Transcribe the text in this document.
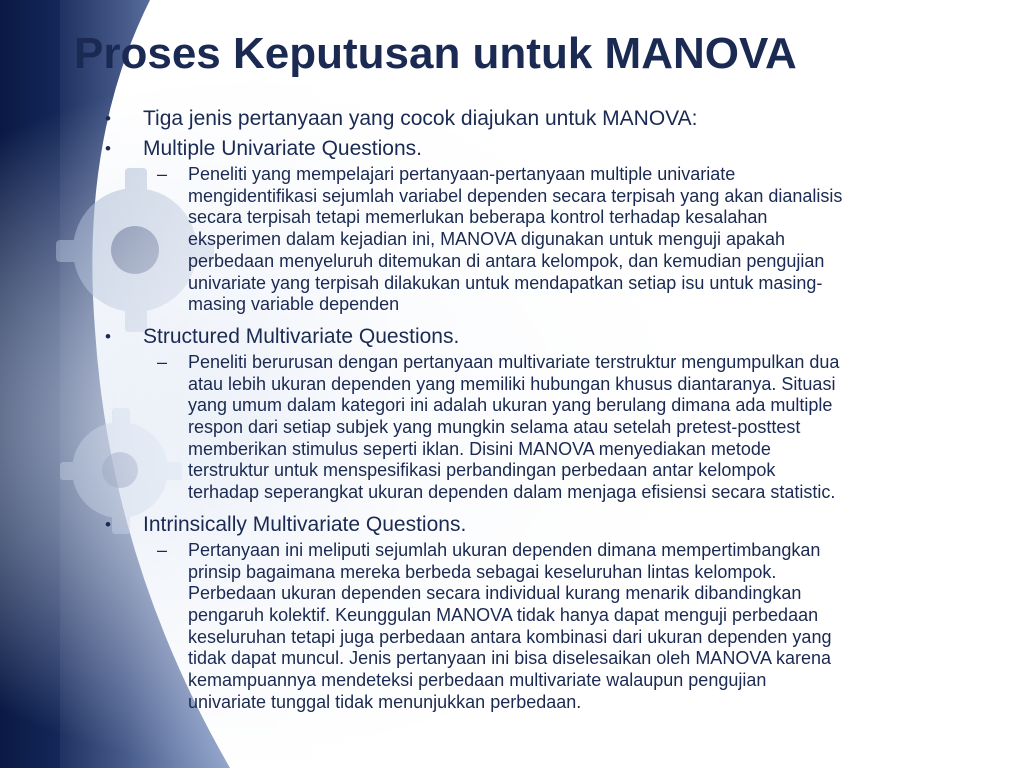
Proses Keputusan untuk MANOVA
• Tiga jenis pertanyaan yang cocok diajukan untuk MANOVA:
• Multiple Univariate Questions.
– Peneliti yang mempelajari pertanyaan-pertanyaan multiple univariate
mengidentifikasi sejumlah variabel dependen secara terpisah yang akan dianalisis
secara terpisah tetapi memerlukan beberapa kontrol terhadap kesalahan
eksperimen dalam kejadian ini, MANOVA digunakan untuk menguji apakah
perbedaan menyeluruh ditemukan di antara kelompok, dan kemudian pengujian
univariate yang terpisah dilakukan untuk mendapatkan setiap isu untuk masing-
masing variable dependen
• Structured Multivariate Questions.
– Peneliti berurusan dengan pertanyaan multivariate terstruktur mengumpulkan dua
atau lebih ukuran dependen yang memiliki hubungan khusus diantaranya. Situasi
yang umum dalam kategori ini adalah ukuran yang berulang dimana ada multiple
respon dari setiap subjek yang mungkin selama atau setelah pretest-posttest
memberikan stimulus seperti iklan. Disini MANOVA menyediakan metode
terstruktur untuk menspesifikasi perbandingan perbedaan antar kelompok
terhadap seperangkat ukuran dependen dalam menjaga efisiensi secara statistic.
• Intrinsically Multivariate Questions.
– Pertanyaan ini meliputi sejumlah ukuran dependen dimana mempertimbangkan
prinsip bagaimana mereka berbeda sebagai keseluruhan lintas kelompok.
Perbedaan ukuran dependen secara individual kurang menarik dibandingkan
pengaruh kolektif. Keunggulan MANOVA tidak hanya dapat menguji perbedaan
keseluruhan tetapi juga perbedaan antara kombinasi dari ukuran dependen yang
tidak dapat muncul. Jenis pertanyaan ini bisa diselesaikan oleh MANOVA karena
kemampuannya mendeteksi perbedaan multivariate walaupun pengujian
univariate tunggal tidak menunjukkan perbedaan.
